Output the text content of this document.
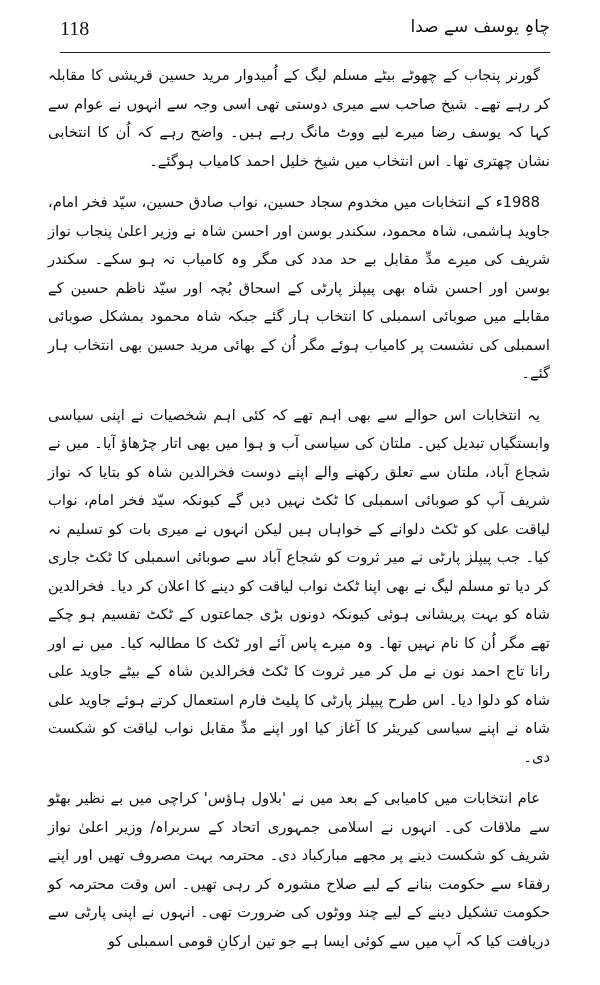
118	چاہِ یوسف سے صدا

گورنر پنجاب کے چھوٹے بیٹے مسلم لیگ کے اُمیدوار مرید حسین قریشی کا مقابلہ کر رہے تھے۔ شیخ صاحب سے میری دوستی تھی اسی وجہ سے انہوں نے عوام سے کہا کہ یوسف رضا میرے لیے ووٹ مانگ رہے ہیں۔ واضح رہے کہ اُن کا انتخابی نشان چھتری تھا۔ اس انتخاب میں شیخ خلیل احمد کامیاب ہوگئے۔

1988ء کے انتخابات میں مخدوم سجاد حسین، نواب صادق حسین، سیّد فخر امام، جاوید ہاشمی، شاہ محمود، سکندر بوسن اور احسن شاہ نے وزیر اعلیٰ پنجاب نواز شریف کی میرے مدِّ مقابل بے حد مدد کی مگر وہ کامیاب نہ ہو سکے۔ سکندر بوسن اور احسن شاہ بھی پیپلز پارٹی کے اسحاق بُچہ اور سیّد ناظم حسین کے مقابلے میں صوبائی اسمبلی کا انتخاب ہار گئے جبکہ شاہ محمود بمشکل صوبائی اسمبلی کی نشست پر کامیاب ہوئے مگر اُن کے بھائی مرید حسین بھی انتخاب ہار گئے۔

یہ انتخابات اس حوالے سے بھی اہم تھے کہ کئی اہم شخصیات نے اپنی سیاسی وابستگیاں تبدیل کیں۔ ملتان کی سیاسی آب و ہوا میں بھی اتار چڑھاؤ آیا۔ میں نے شجاع آباد، ملتان سے تعلق رکھنے والے اپنے دوست فخرالدین شاہ کو بتایا کہ نواز شریف آپ کو صوبائی اسمبلی کا ٹکٹ نہیں دیں گے کیونکہ سیّد فخر امام، نواب لیاقت علی کو ٹکٹ دلوانے کے خواہاں ہیں لیکن انہوں نے میری بات کو تسلیم نہ کیا۔ جب پیپلز پارٹی نے میر ثروت کو شجاع آباد سے صوبائی اسمبلی کا ٹکٹ جاری کر دیا تو مسلم لیگ نے بھی اپنا ٹکٹ نواب لیاقت کو دینے کا اعلان کر دیا۔ فخرالدین شاہ کو بہت پریشانی ہوئی کیونکہ دونوں بڑی جماعتوں کے ٹکٹ تقسیم ہو چکے تھے مگر اُن کا نام نہیں تھا۔ وہ میرے پاس آئے اور ٹکٹ کا مطالبہ کیا۔ میں نے اور رانا تاج احمد نون نے مل کر میر ثروت کا ٹکٹ فخرالدین شاہ کے بیٹے جاوید علی شاہ کو دلوا دیا۔ اس طرح پیپلز پارٹی کا پلیٹ فارم استعمال کرتے ہوئے جاوید علی شاہ نے اپنے سیاسی کیریئر کا آغاز کیا اور اپنے مدِّ مقابل نواب لیاقت کو شکست دی۔

عام انتخابات میں کامیابی کے بعد میں نے 'بلاول ہاؤس' کراچی میں بے نظیر بھٹو سے ملاقات کی۔ انہوں نے اسلامی جمہوری اتحاد کے سربراہ/ وزیر اعلیٰ نواز شریف کو شکست دینے پر مجھے مبارکباد دی۔ محترمہ بہت مصروف تھیں اور اپنے رفقاء سے حکومت بنانے کے لیے صلاح مشورہ کر رہی تھیں۔ اس وقت محترمہ کو حکومت تشکیل دینے کے لیے چند ووٹوں کی ضرورت تھی۔ انہوں نے اپنی پارٹی سے دریافت کیا کہ آپ میں سے کوئی ایسا ہے جو تین ارکانِ قومی اسمبلی کو
